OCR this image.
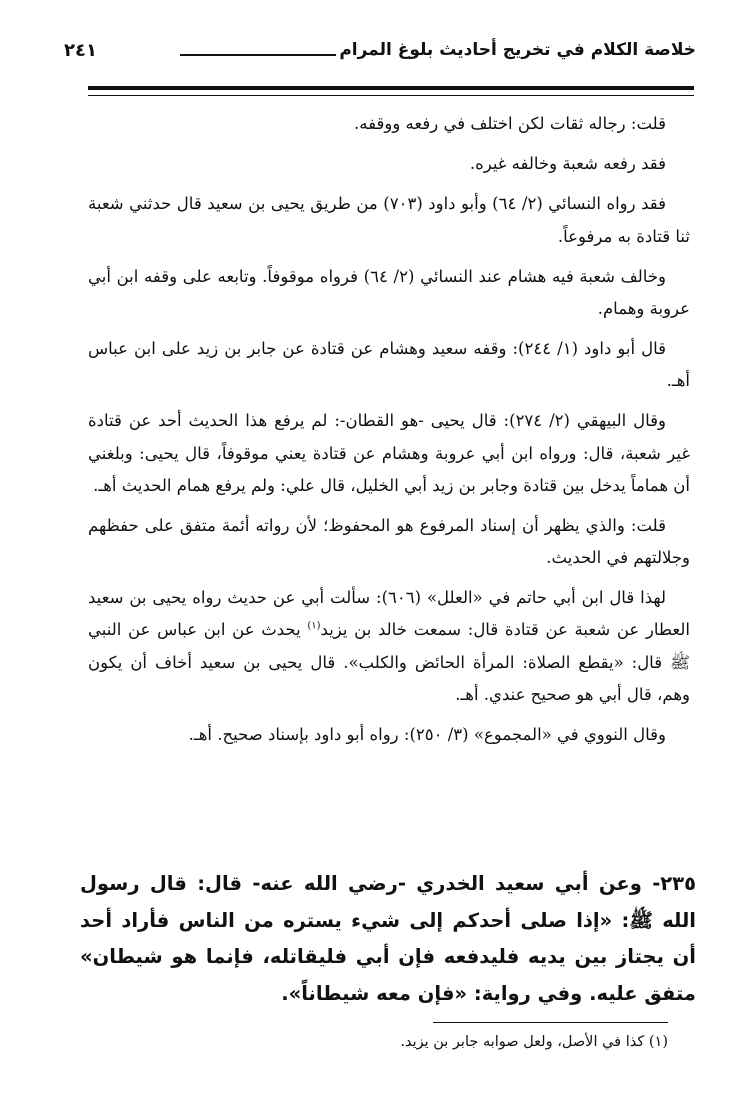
خلاصة الكلام في تخريج أحاديث بلوغ المرام
٢٤١

قلت: رجاله ثقات لكن اختلف في رفعه ووقفه.

فقد رفعه شعبة وخالفه غيره.

فقد رواه النسائي (٢/ ٦٤) وأبو داود (٧٠٣) من طريق يحيى بن سعيد قال حدثني شعبة ثنا قتادة به مرفوعاً.

وخالف شعبة فيه هشام عند النسائي (٢/ ٦٤) فرواه موقوفاً. وتابعه على وقفه ابن أبي عروبة وهمام.

قال أبو داود (١/ ٢٤٤): وقفه سعيد وهشام عن قتادة عن جابر بن زيد على ابن عباس أهـ.

وقال البيهقي (٢/ ٢٧٤): قال يحيى -هو القطان-: لم يرفع هذا الحديث أحد عن قتادة غير شعبة، قال: ورواه ابن أبي عروبة وهشام عن قتادة يعني موقوفاً، قال يحيى: وبلغني أن هماماً يدخل بين قتادة وجابر بن زيد أبي الخليل، قال علي: ولم يرفع همام الحديث أهـ.

قلت: والذي يظهر أن إسناد المرفوع هو المحفوظ؛ لأن رواته أئمة متفق على حفظهم وجلالتهم في الحديث.

لهذا قال ابن أبي حاتم في «العلل» (٦٠٦): سألت أبي عن حديث رواه يحيى بن سعيد العطار عن شعبة عن قتادة قال: سمعت خالد بن يزيد$^{(١)}$ يحدث عن ابن عباس عن النبي ﷺ قال: «يقطع الصلاة: المرأة الحائض والكلب». قال يحيى بن سعيد أخاف أن يكون وهم، قال أبي هو صحيح عندي. أهـ.

وقال النووي في «المجموع» (٣/ ٢٥٠): رواه أبو داود بإسناد صحيح. أهـ.

٢٣٥- وعن أبي سعيد الخدري -رضي الله عنه- قال: قال رسول الله ﷺ: «إذا صلى أحدكم إلى شيء يستره من الناس فأراد أحد أن يجتاز بين يديه فليدفعه فإن أبي فليقاتله، فإنما هو شيطان» متفق عليه. وفي رواية: «فإن معه شيطاناً».
(١) كذا في الأصل، ولعل صوابه جابر بن يزيد.
